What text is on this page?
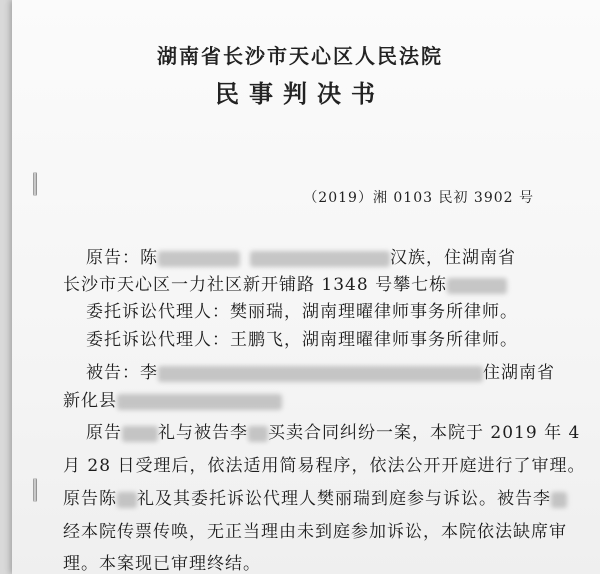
湖南省长沙市天心区人民法院
民事判决书
（2019）湘 0103 民初 3902 号
原告：陈	汉族，住湖南省
长沙市天心区一力社区新开铺路 1348 号攀七栋
委托诉讼代理人：樊丽瑞，湖南理曜律师事务所律师。
委托诉讼代理人：王鹏飞，湖南理曜律师事务所律师。
被告：李	住湖南省
新化县
原告 礼与被告李 买卖合同纠纷一案，本院于 2019 年 4
月 28 日受理后，依法适用简易程序，依法公开开庭进行了审理。
原告陈 礼及其委托诉讼代理人樊丽瑞到庭参与诉讼。被告李
经本院传票传唤，无正当理由未到庭参加诉讼，本院依法缺席审
理。本案现已审理终结。
